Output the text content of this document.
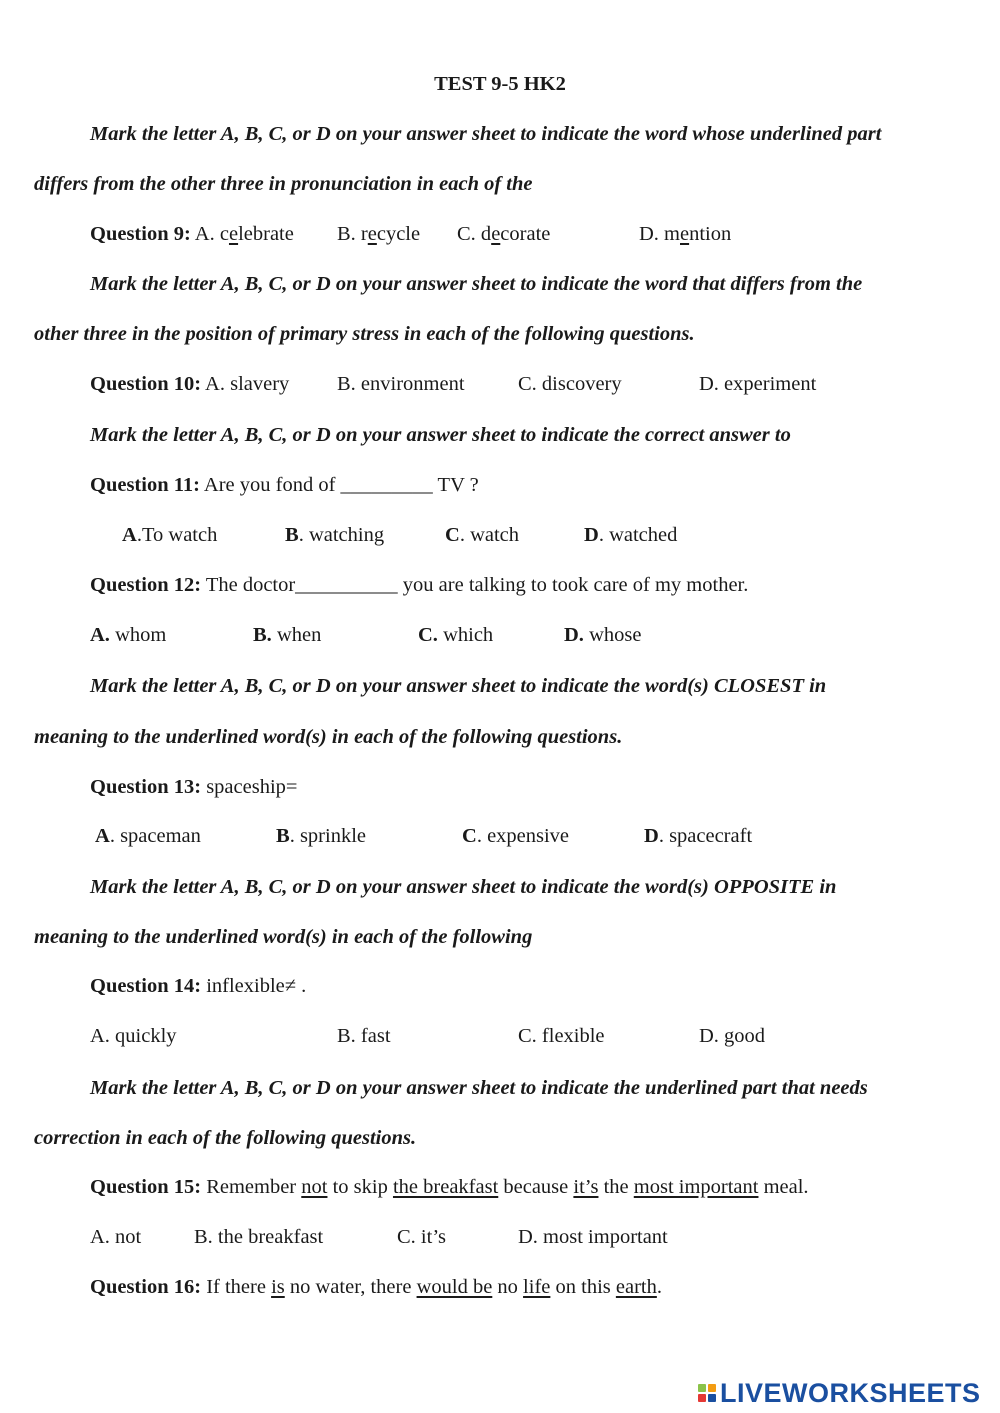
TEST 9-5 HK2
Mark the letter A, B, C, or D on your answer sheet to indicate the word whose underlined part
differs from the other three in pronunciation in each of the
Question 9: A. celebrate B. recycle C. decorate	D. mention
Mark the letter A, B, C, or D on your answer sheet to indicate the word that differs from the
other three in the position of primary stress in each of the following questions.
Question 10: A. slavery B. environment	C. discovery	D. experiment
Mark the letter A, B, C, or D on your answer sheet to indicate the correct answer to
Question 11: Are you fond of _________ TV ?
A.To watch	B. watching	C. watch	D. watched
Question 12: The doctor__________ you are talking to took care of my mother.
A. whom	B. when	C. which	D. whose
Mark the letter A, B, C, or D on your answer sheet to indicate the word(s) CLOSEST in
meaning to the underlined word(s) in each of the following questions.
Question 13: spaceship=
A. spaceman	B. sprinkle	C. expensive	D. spacecraft
Mark the letter A, B, C, or D on your answer sheet to indicate the word(s) OPPOSITE in
meaning to the underlined word(s) in each of the following
Question 14: inflexible≠ .
A. quickly	B. fast	C. flexible	D. good
Mark the letter A, B, C, or D on your answer sheet to indicate the underlined part that needs
correction in each of the following questions.
Question 15: Remember not to skip the breakfast because it’s the most important meal.
A. not	B. the breakfast	C. it’s	D. most important
Question 16: If there is no water, there would be no life on this earth.
LIVEWORKSHEETS
